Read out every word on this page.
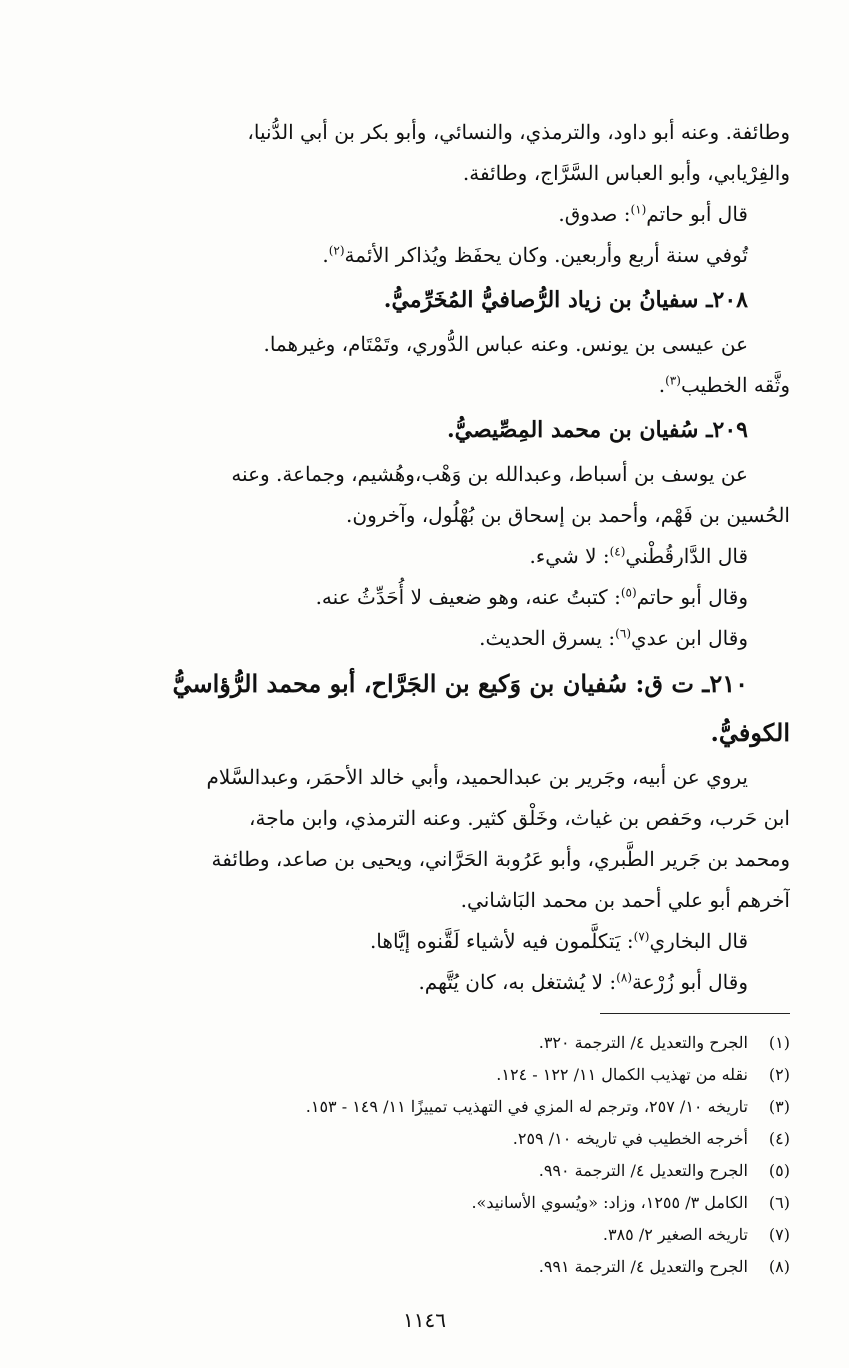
وطائفة. وعنه أبو داود، والترمذي، والنسائي، وأبو بكر بن أبي الدُّنيا،
والفِرْيابي، وأبو العباس السَّرَّاج، وطائفة.
قال أبو حاتم$^{(١)}$: صدوق.
تُوفي سنة أربع وأربعين. وكان يحفَظ ويُذاكر الأئمة$^{(٢)}$.
٢٠٨ـ سفيانُ بن زياد الرُّصافيُّ المُخَرِّميُّ.
عن عيسى بن يونس. وعنه عباس الدُّوري، وتَمْتَام، وغيرهما.
وثَّقه الخطيب$^{(٣)}$.
٢٠٩ـ سُفيان بن محمد المِصِّيصيُّ.
عن يوسف بن أسباط، وعبدالله بن وَهْب،وهُشيم، وجماعة. وعنه
الحُسين بن فَهْم، وأحمد بن إسحاق بن بُهْلُول، وآخرون.
قال الدَّارقُطْني$^{(٤)}$: لا شيء.
وقال أبو حاتم$^{(٥)}$: كتبتُ عنه، وهو ضعيف لا أُحَدِّثُ عنه.
وقال ابن عدي$^{(٦)}$: يسرق الحديث.
٢١٠ـ ت ق: سُفيان بن وَكيع بن الجَرَّاح، أبو محمد الرُّؤاسيُّ
الكوفيُّ.
يروي عن أبيه، وجَرير بن عبدالحميد، وأبي خالد الأحمَر، وعبدالسَّلام
ابن حَرب، وحَفص بن غياث، وخَلْق كثير. وعنه الترمذي، وابن ماجة،
ومحمد بن جَرير الطَّبري، وأبو عَرُوبة الحَرَّاني، ويحيى بن صاعد، وطائفة
آخرهم أبو علي أحمد بن محمد البَاشاني.
قال البخاري$^{(٧)}$: يَتكلَّمون فيه لأشياء لَقَّنوه إيَّاها.
وقال أبو زُرْعة$^{(٨)}$: لا يُشتغل به، كان يُتَّهم.
(١)
الجرح والتعديل ٤/ الترجمة ٣٢٠.
(٢)
نقله من تهذيب الكمال ١١/ ١٢٢ - ١٢٤.
(٣)
تاريخه ١٠/ ٢٥٧، وترجم له المزي في التهذيب تمييزًا ١١/ ١٤٩ - ١٥٣.
(٤)
أخرجه الخطيب في تاريخه ١٠/ ٢٥٩.
(٥)
الجرح والتعديل ٤/ الترجمة ٩٩٠.
(٦)
الكامل ٣/ ١٢٥٥، وزاد: «ويُسوي الأسانيد».
(٧)
تاريخه الصغير ٢/ ٣٨٥.
(٨)
الجرح والتعديل ٤/ الترجمة ٩٩١.
١١٤٦
